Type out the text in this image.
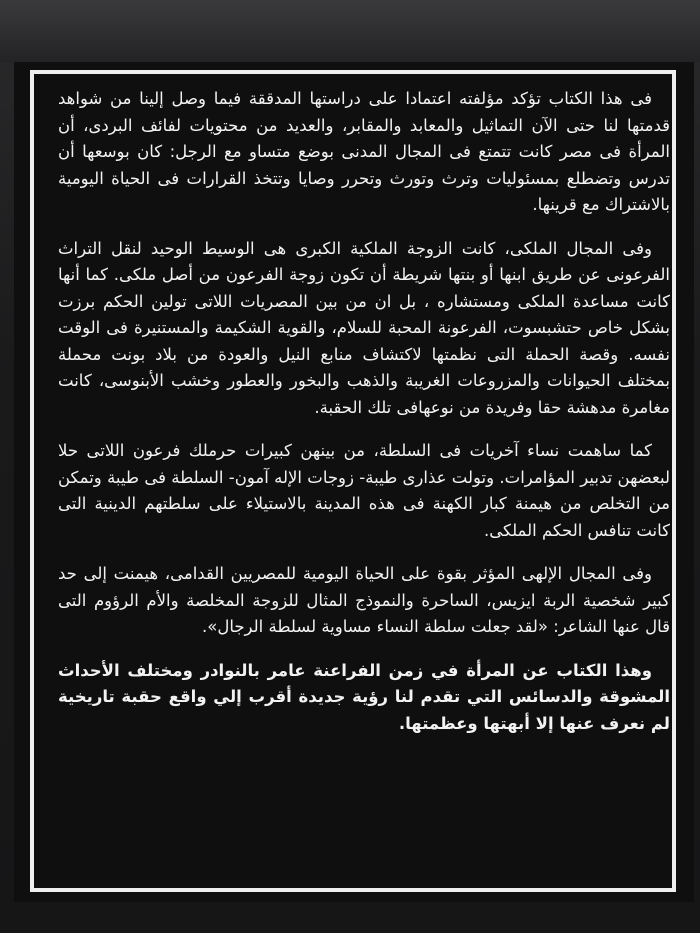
فى هذا الكتاب تؤكد مؤلفته اعتمادا على دراستها المدققة فيما وصل إلينا من شواهد قدمتها لنا حتى الآن التماثيل والمعابد والمقابر، والعديد من محتويات لفائف البردى، أن المرأة فى مصر كانت تتمتع فى المجال المدنى بوضع متساو مع الرجل: كان بوسعها أن تدرس وتضطلع بمسئوليات وترث وتورث وتحرر وصايا وتتخذ القرارات فى الحياة اليومية بالاشتراك مع قرينها.

وفى المجال الملكى، كانت الزوجة الملكية الكبرى هى الوسيط الوحيد لنقل التراث الفرعونى عن طريق ابنها أو بنتها شريطة أن تكون زوجة الفرعون من أصل ملكى. كما أنها كانت مساعدة الملكى ومستشاره ، بل ان من بين المصريات اللاتى تولين الحكم برزت بشكل خاص حتشبسوت، الفرعونة المحبة للسلام، والقوية الشكيمة والمستنيرة فى الوقت نفسه. وقصة الحملة التى نظمتها لاكتشاف منابع النيل والعودة من بلاد بونت محملة بمختلف الحيوانات والمزروعات الغريبة والذهب والبخور والعطور وخشب الأبنوسى، كانت مغامرة مدهشة حقا وفريدة من نوعهافى تلك الحقبة.

كما ساهمت نساء آخريات فى السلطة، من بينهن كبيرات حرملك فرعون اللاتى حلا لبعضهن تدبير المؤامرات. وتولت عذارى طيبة- زوجات الإله آمون- السلطة فى طيبة وتمكن من التخلص من هيمنة كبار الكهنة فى هذه المدينة بالاستيلاء على سلطتهم الدينية التى كانت تنافس الحكم الملكى.

وفى المجال الإلهى المؤثر بقوة على الحياة اليومية للمصريين القدامى، هيمنت إلى حد كبير شخصية الربة ايزيس، الساحرة والنموذج المثال للزوجة المخلصة والأم الرؤوم التى قال عنها الشاعر: «لقد جعلت سلطة النساء مساوية لسلطة الرجال».

وهذا الكتاب عن المرأة في زمن الفراعنة عامر بالنوادر ومختلف الأحداث المشوقة والدسائس التي تقدم لنا رؤية جديدة أقرب إلي واقع حقبة تاريخية لم نعرف عنها إلا أبهتها وعظمتها.
